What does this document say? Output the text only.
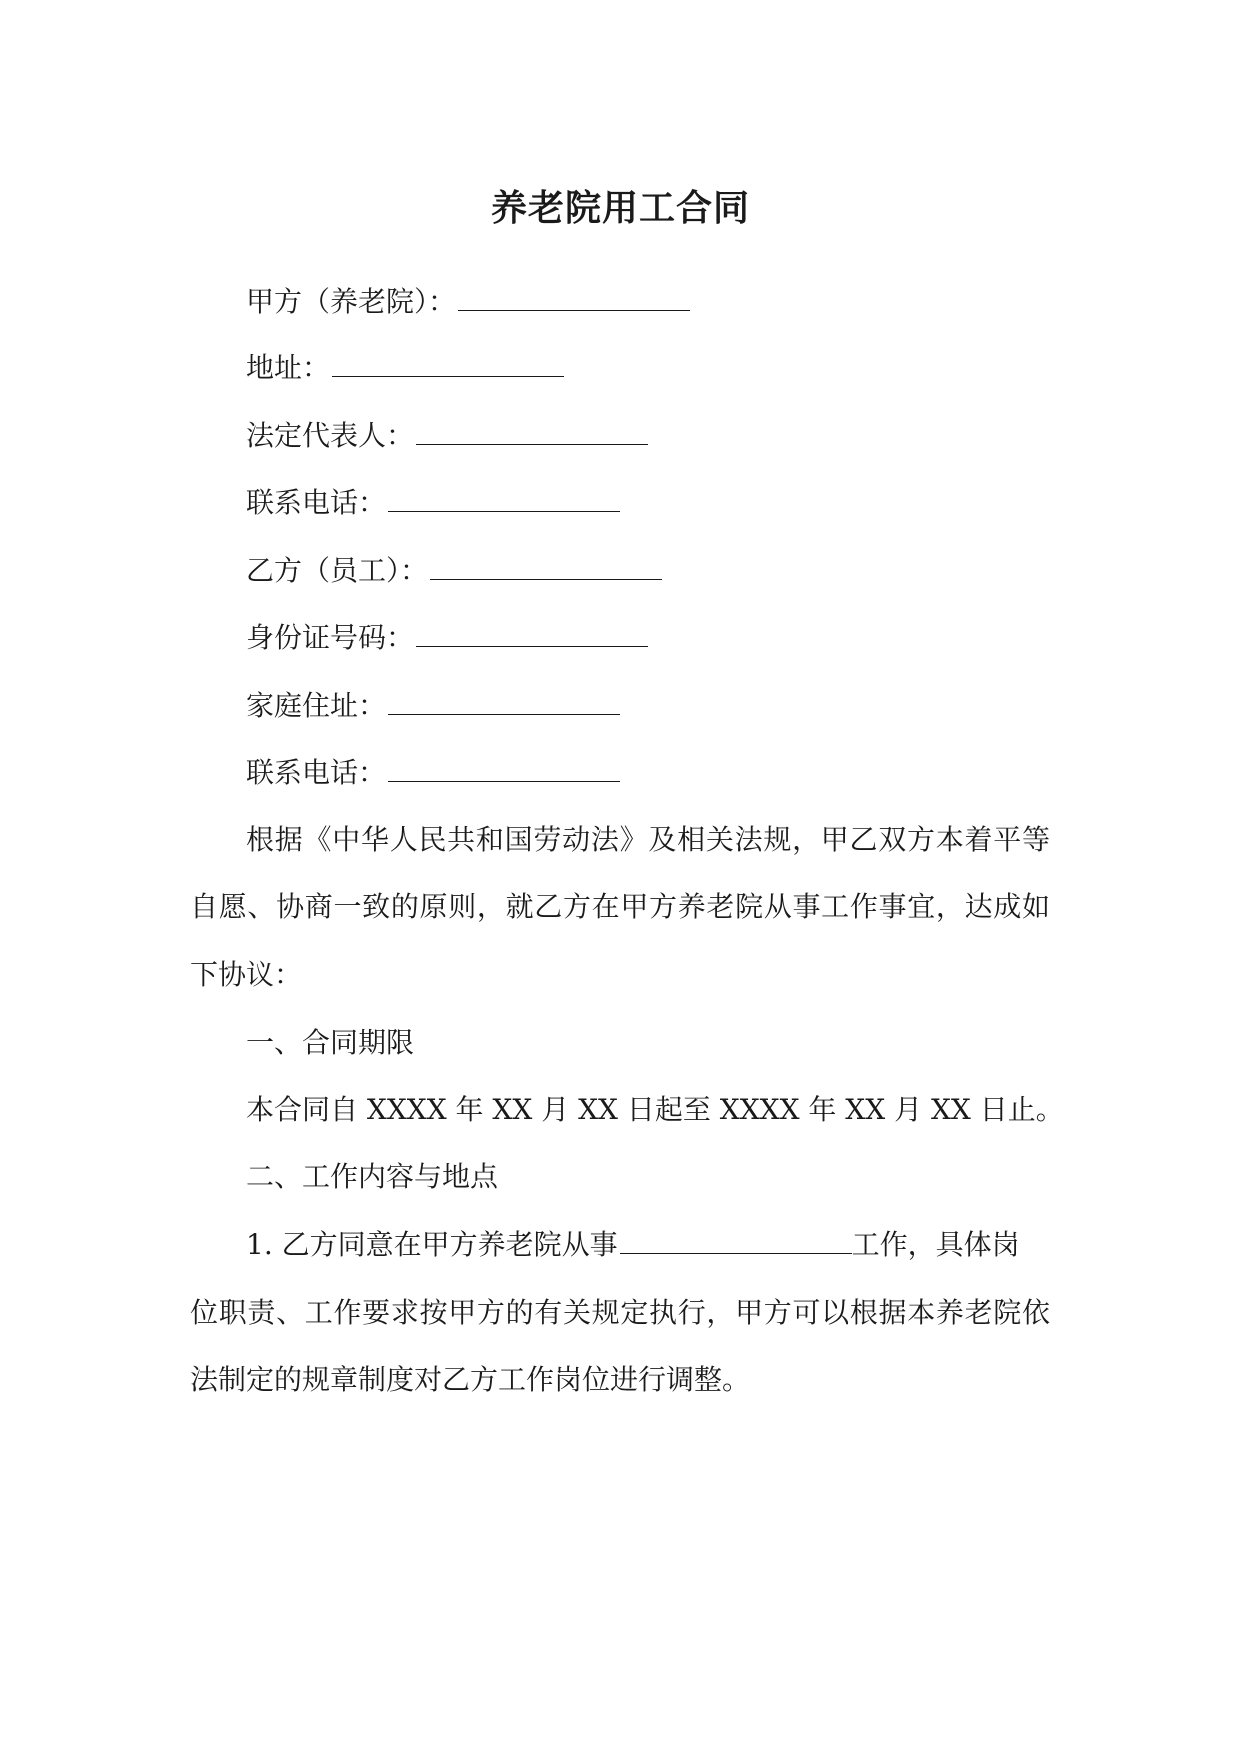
养老院用工合同
甲方（养老院）：
地址：
法定代表人：
联系电话：
乙方（员工）：
身份证号码：
家庭住址：
联系电话：
根据《中华人民共和国劳动法》及相关法规，甲乙双方本着平等
自愿、协商一致的原则，就乙方在甲方养老院从事工作事宜，达成如
下协议：
一、合同期限
本合同自 XXXX 年 XX 月 XX 日起至 XXXX 年 XX 月 XX 日止。
二、工作内容与地点
1. 乙方同意在甲方养老院从事	工作，具体岗
位职责、工作要求按甲方的有关规定执行，甲方可以根据本养老院依
法制定的规章制度对乙方工作岗位进行调整。
